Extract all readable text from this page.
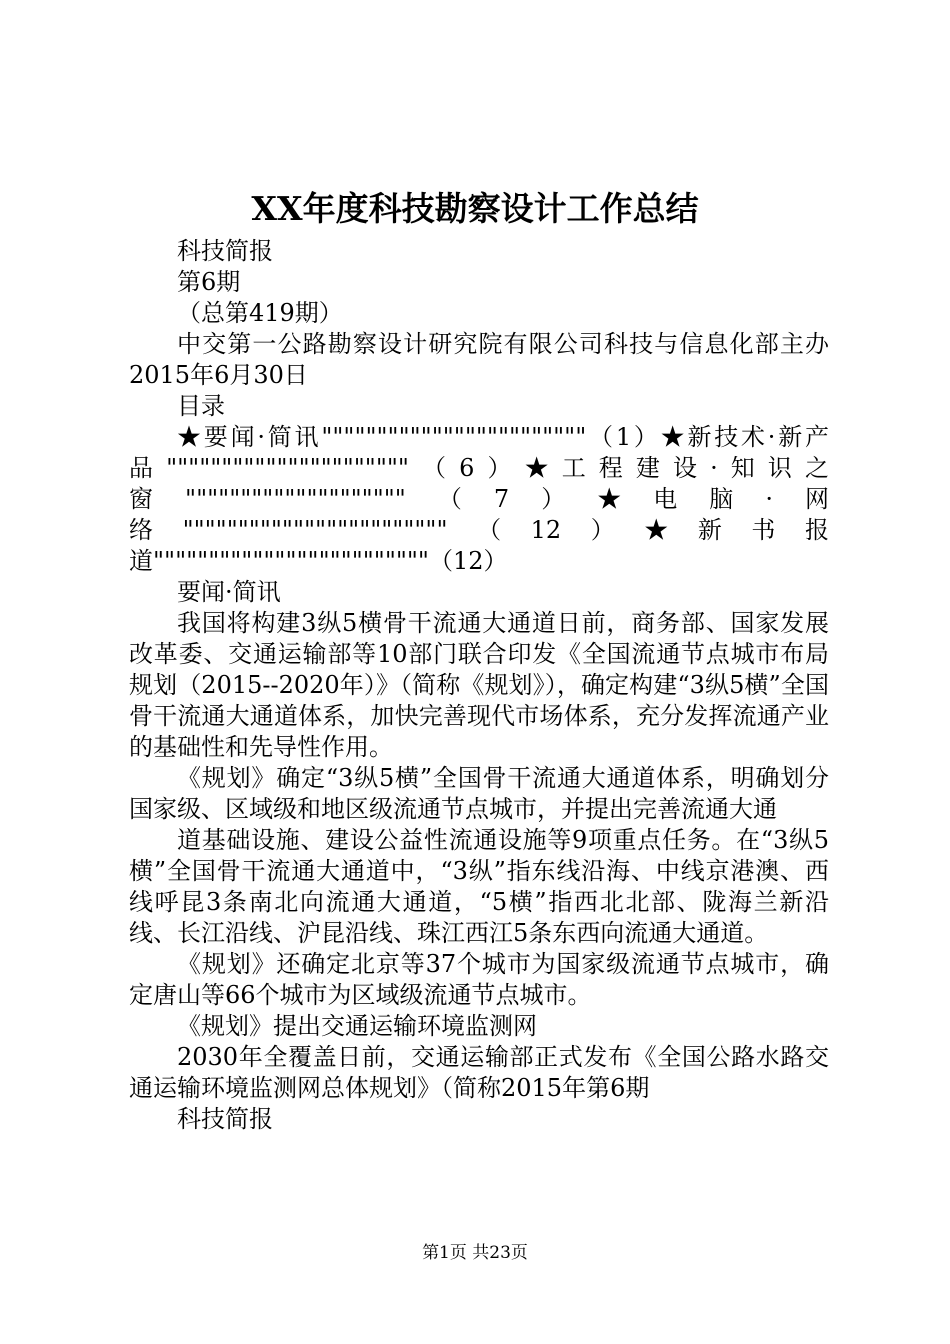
XX年度科技勘察设计工作总结

科技简报

第6期

（总第419期）

中交第一公路勘察设计研究院有限公司科技与信息化部主办2015年6月30日

目录

★要闻·简讯""""""""""""""""""""""""（1）★新技术·新产品""""""""""""""""""""""（6）★工程建设·知识之窗""""""""""""""""""""（7）★电脑·网络""""""""""""""""""""""""（12）★新书报

道"""""""""""""""""""""""""（12）

要闻·简讯

我国将构建3纵5横骨干流通大通道日前，商务部、国家发展改革委、交通运输部等10部门联合印发《全国流通节点城市布局规划（2015--2020年）》（简称《规划》），确定构建“3纵5横”全国骨干流通大通道体系，加快完善现代市场体系，充分发挥流通产业的基础性和先导性作用。

《规划》确定“3纵5横”全国骨干流通大通道体系，明确划分国家级、区域级和地区级流通节点城市，并提出完善流通大通

道基础设施、建设公益性流通设施等9项重点任务。在“3纵5横”全国骨干流通大通道中，“3纵”指东线沿海、中线京港澳、西线呼昆3条南北向流通大通道，“5横”指西北北部、陇海兰新沿线、长江沿线、沪昆沿线、珠江西江5条东西向流通大通道。

《规划》还确定北京等37个城市为国家级流通节点城市，确定唐山等66个城市为区域级流通节点城市。

《规划》提出交通运输环境监测网

2030年全覆盖日前，交通运输部正式发布《全国公路水路交通运输环境监测网总体规划》（简称2015年第6期

科技简报

第1页 共23页
